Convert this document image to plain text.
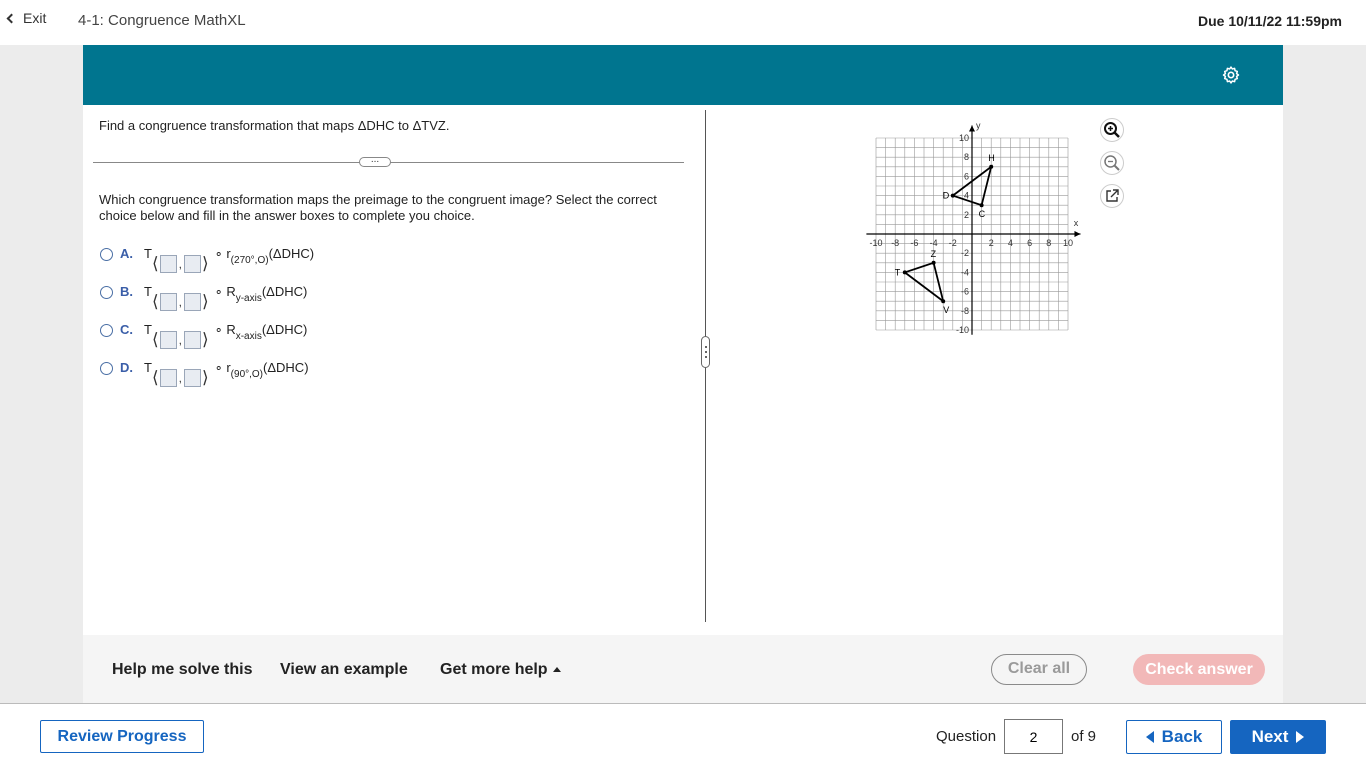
Exit 4-1: Congruence MathXL	Due 10/11/22 11:59pm
Find a congruence transformation that maps ΔDHC to ΔTVZ.
...
Which congruence transformation maps the preimage to the congruent image? Select the correct choice below and fill in the answer boxes to complete you choice.
A. T
⟨ , ⟩
∘ $r_{(270^\circ,O)}(\Delta DHC)$
B. T
⟨ , ⟩
∘ $R_{y-axis}(\Delta DHC)$
C. T
⟨ , ⟩
∘ $R_{x-axis}(\Delta DHC)$
D. T
⟨ , ⟩
∘ $r_{(90^\circ,O)}(\Delta DHC)$
x
y
-10 -8 -6 -4 -2	2 4 6 8 10
10
8
6
4
2
-2
-4
-6
-8
-10
D
H
C
T
V
Z
Help me solve this View an example Get more help	Clear all	Check answer
Review Progress	Question
2	of 9	Back	Next
